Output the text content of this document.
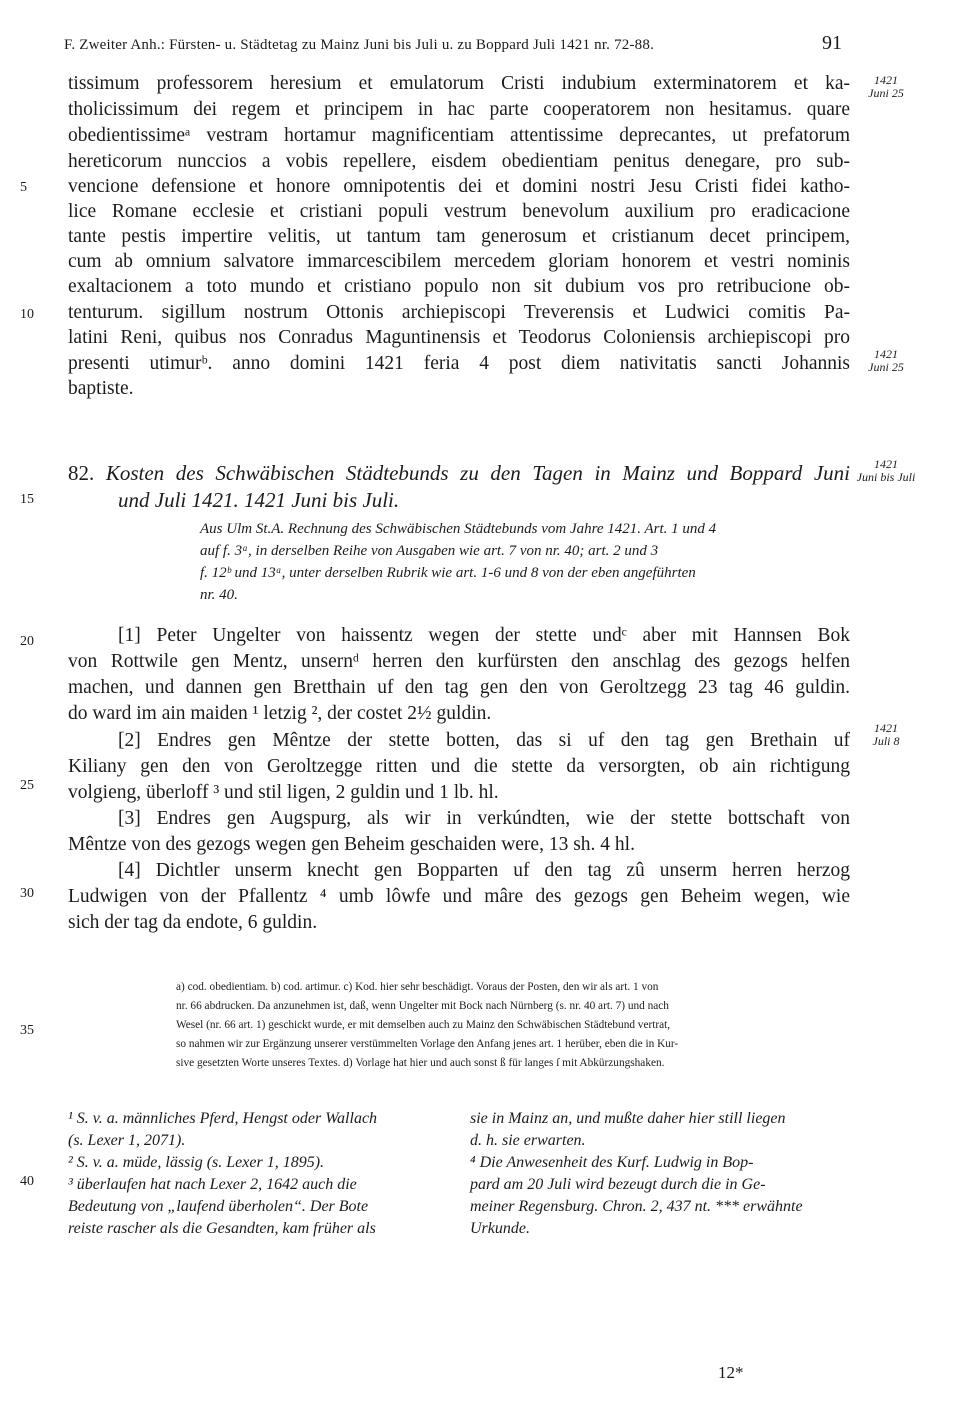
F. Zweiter Anh.: Fürsten- u. Städtetag zu Mainz Juni bis Juli u. zu Boppard Juli 1421 nr. 72-88.	91
tissimum professorem heresi​um et emulatorum Cristi indubium exterminatorem et ka-
tholicissimum dei regem et principem in hac parte cooperatorem non hesitamus. quare
obedientissimeᵃ vestram hortamur magnificentiam attentissime deprecantes, ut prefatorum
hereticorum nunccios a vobis repellere, eisdem obedientiam penitus denegare, pro sub-
vencione defensione et honore omnipotentis dei et domini nostri Jesu Cristi fidei katho-
lice Romane ecclesie et cristiani populi vestrum benevolum auxilium pro eradicacione
tante pestis impertire velitis, ut tantum tam generosum et cristianum decet principem,
cum ab omnium salvatore immarcescibilem mercedem gloriam honorem et vestri nominis
exaltacionem a toto mundo et cristiano populo non sit dubium vos pro retribucione ob-
tenturum. sigillum nostrum Ottonis archiepiscopi Treverensis et Ludwici comitis Pa-
latini Reni, quibus nos Conradus Maguntinensis et Teodorus Coloniensis archiepiscopi pro
presenti utimurᵇ. anno domini 1421 feria 4 post diem nativitatis sancti Johannis
baptiste.
5
10
15
20
25
30
35
40
1421
Juni 25
1421
Juni 25
1421
Juni bis Juli
1421
Juli 8
82. Kosten des Schwäbischen Städtebunds zu den Tagen in Mainz und Boppard Juni
und Juli 1421. 1421 Juni bis Juli.
Aus Ulm St.A. Rechnung des Schwäbischen Städtebunds vom Jahre 1421. Art. 1 und 4
auf f. 3ᵃ, in derselben Reihe von Ausgaben wie art. 7 von nr. 40; art. 2 und 3
f. 12ᵇ und 13ᵃ, unter derselben Rubrik wie art. 1-6 und 8 von der eben angeführten
nr. 40.
[1] Peter Ungelter von haissentz wegen der stette undᶜ aber mit Hannsen Bok
von Rottwile gen Mentz, unsernᵈ herren den kurfürsten den anschlag des gezogs helfen
machen, und dannen gen Bretthain uf den tag gen den von Geroltzegg 23 tag 46 guldin.
do ward im ain maiden ¹ letzig ², der costet 2½ guldin.
[2] Endres gen Mêntze der stette botten, das si uf den tag gen Brethain uf
Kiliany gen den von Geroltzegge ritten und die stette da versorgten, ob ain richtigung
volgieng, überloff ³ und stil ligen, 2 guldin und 1 lb. hl.
[3] Endres gen Augspurg, als wir in verkúndten, wie der stette bottschaft von
Mêntze von des gezogs wegen gen Beheim geschaiden were, 13 sh. 4 hl.
[4] Dichtler unserm knecht gen Bopparten uf den tag zû unserm herren herzog
Ludwigen von der Pfallentz ⁴ umb lôwfe und mâre des gezogs gen Beheim wegen, wie
sich der tag da endote, 6 guldin.
a) cod. obedientiam. b) cod. artimur. c) Kod. hier sehr beschädigt. Voraus der Posten, den wir als art. 1 von
nr. 66 abdrucken. Da anzunehmen ist, daß, wenn Ungelter mit Bock nach Nürnberg (s. nr. 40 art. 7) und nach
Wesel (nr. 66 art. 1) geschickt wurde, er mit demselben auch zu Mainz den Schwäbischen Städtebund vertrat,
so nahmen wir zur Ergänzung unserer verstümmelten Vorlage den Anfang jenes art. 1 herüber, eben die in Kur-
sive gesetzten Worte unseres Textes. d) Vorlage hat hier und auch sonst ß für langes ſ mit Abkürzungshaken.
¹ S. v. a. männliches Pferd, Hengst oder Wallach
(s. Lexer 1, 2071).
² S. v. a. müde, lässig (s. Lexer 1, 1895).
³ überlaufen hat nach Lexer 2, 1642 auch die
Bedeutung von „laufend überholen“. Der Bote
reiste rascher als die Gesandten, kam früher als
sie in Mainz an, und mußte daher hier still liegen
d. h. sie erwarten.
⁴ Die Anwesenheit des Kurf. Ludwig in Bop-
pard am 20 Juli wird bezeugt durch die in Ge-
meiner Regensburg. Chron. 2, 437 nt. *** erwähnte
Urkunde.
12*
